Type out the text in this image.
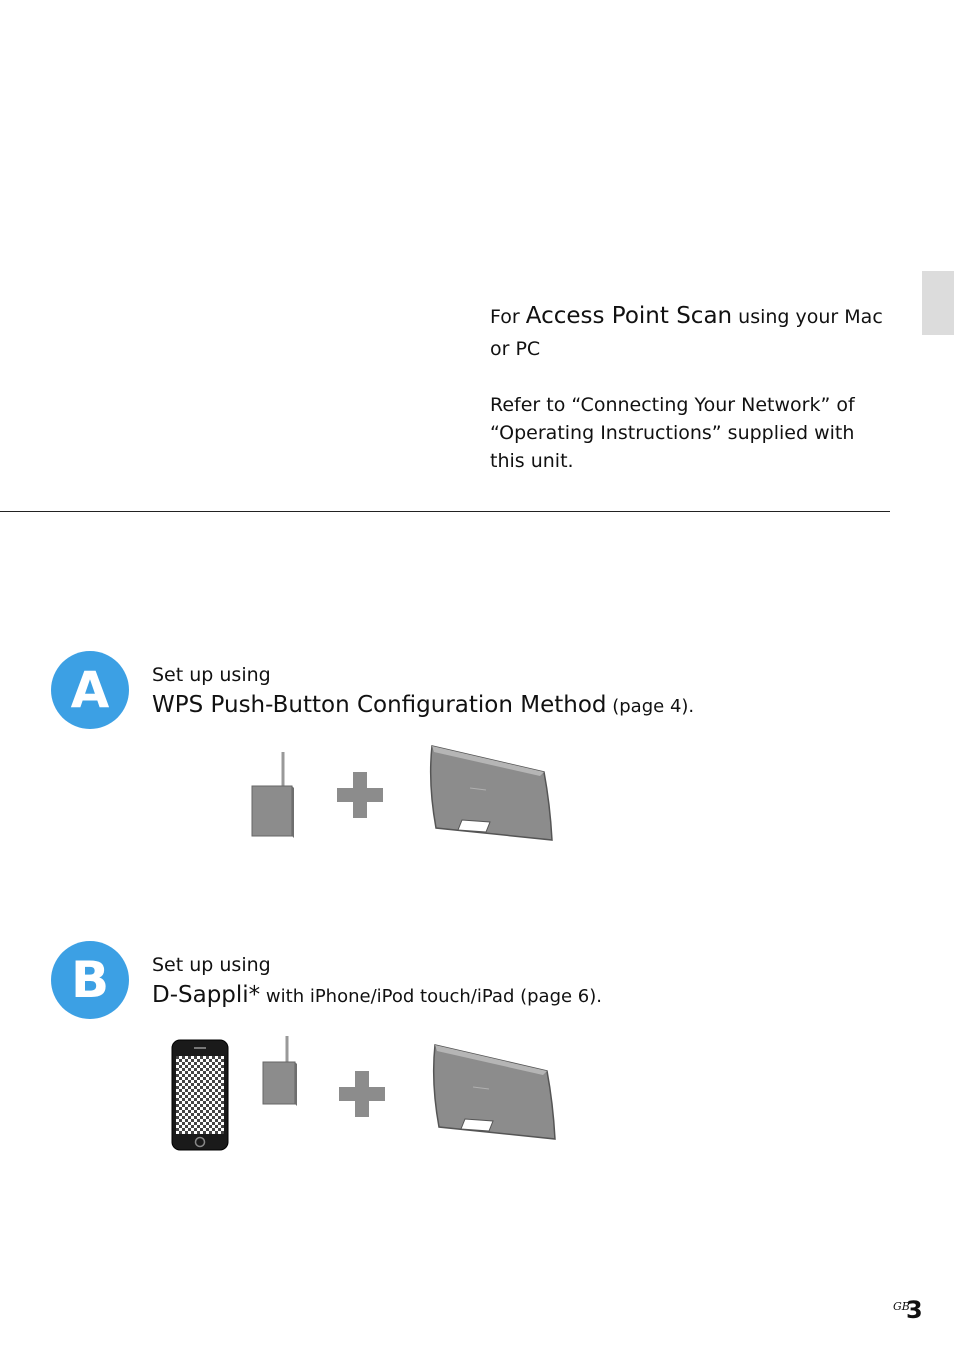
For Access Point Scan using your Mac
or PC
Refer to “Connecting Your Network” of
“Operating Instructions” supplied with
this unit.
A	Set up using
WPS Push-Button Configuration Method (page 4).
B	Set up using
D-Sappli* with iPhone/iPod touch/iPad (page 6).
GB
3
